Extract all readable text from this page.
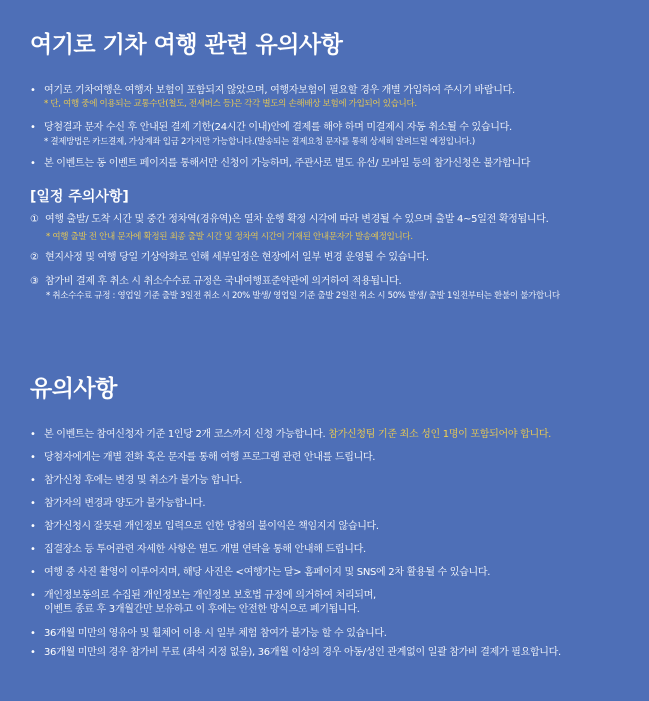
여기로 기차 여행 관련 유의사항
• 여기로 기차여행은 여행자 보험이 포함되지 않았으며, 여행자보험이 필요할 경우 개별 가입하여 주시기 바랍니다.
* 단, 여행 중에 이용되는 교통수단(철도, 전세버스 등)은 각각 별도의 손해배상 보험에 가입되어 있습니다.
• 당첨결과 문자 수신 후 안내된 결제 기한(24시간 이내)안에 결제를 해야 하며 미결제시 자동 취소될 수 있습니다.
* 결제방법은 카드결제, 가상계좌 입금 2가지만 가능합니다.(발송되는 결제요청 문자를 통해 상세히 알려드릴 예정입니다.)
• 본 이벤트는 동 이벤트 페이지를 통해서만 신청이 가능하며, 주관사로 별도 유선/ 모바일 등의 참가신청은 불가합니다
[일정 주의사항]
① 여행 출발/ 도착 시간 및 중간 정차역(경유역)은 열차 운행 확정 시각에 따라 변경될 수 있으며 출발 4~5일전 확정됩니다.
* 여행 출발 전 안내 문자에 확정된 최종 출발 시간 및 정차역 시간이 기재된 안내문자가 발송예정입니다.
② 현지사정 및 여행 당일 기상악화로 인해 세부일정은 현장에서 일부 변경 운영될 수 있습니다.
③ 참가비 결제 후 취소 시 취소수수료 규정은 국내여행표준약관에 의거하여 적용됩니다.
* 취소수수료 규정 : 영업일 기준 출발 3일전 취소 시 20% 발생/ 영업일 기준 출발 2일전 취소 시 50% 발생/ 출발 1일전부터는 환불이 불가합니다
유의사항
• 본 이벤트는 참여신청자 기준 1인당 2개 코스까지 신청 가능합니다. 참가신청팀 기준 최소 성인 1명이 포함되어야 합니다.
• 당첨자에게는 개별 전화 혹은 문자를 통해 여행 프로그램 관련 안내를 드립니다.
• 참가신청 후에는 변경 및 취소가 불가능 합니다.
• 참가자의 변경과 양도가 불가능합니다.
• 참가신청시 잘못된 개인정보 입력으로 인한 당첨의 불이익은 책임지지 않습니다.
• 집결장소 등 투어관련 자세한 사항은 별도 개별 연락을 통해 안내해 드립니다.
• 여행 중 사진 촬영이 이루어지며, 해당 사진은 <여행가는 달> 홈페이지 및 SNS에 2차 활용될 수 있습니다.
• 개인정보동의로 수집된 개인정보는 개인정보 보호법 규정에 의거하여 처리되며,
이벤트 종료 후 3개월간만 보유하고 이 후에는 안전한 방식으로 폐기됩니다.
• 36개월 미만의 영유아 및 휠체어 이용 시 일부 체험 참여가 불가능 할 수 있습니다.
• 36개월 미만의 경우 참가비 무료 (좌석 지정 없음), 36개월 이상의 경우 아동/성인 관계없이 일괄 참가비 결제가 필요합니다.
